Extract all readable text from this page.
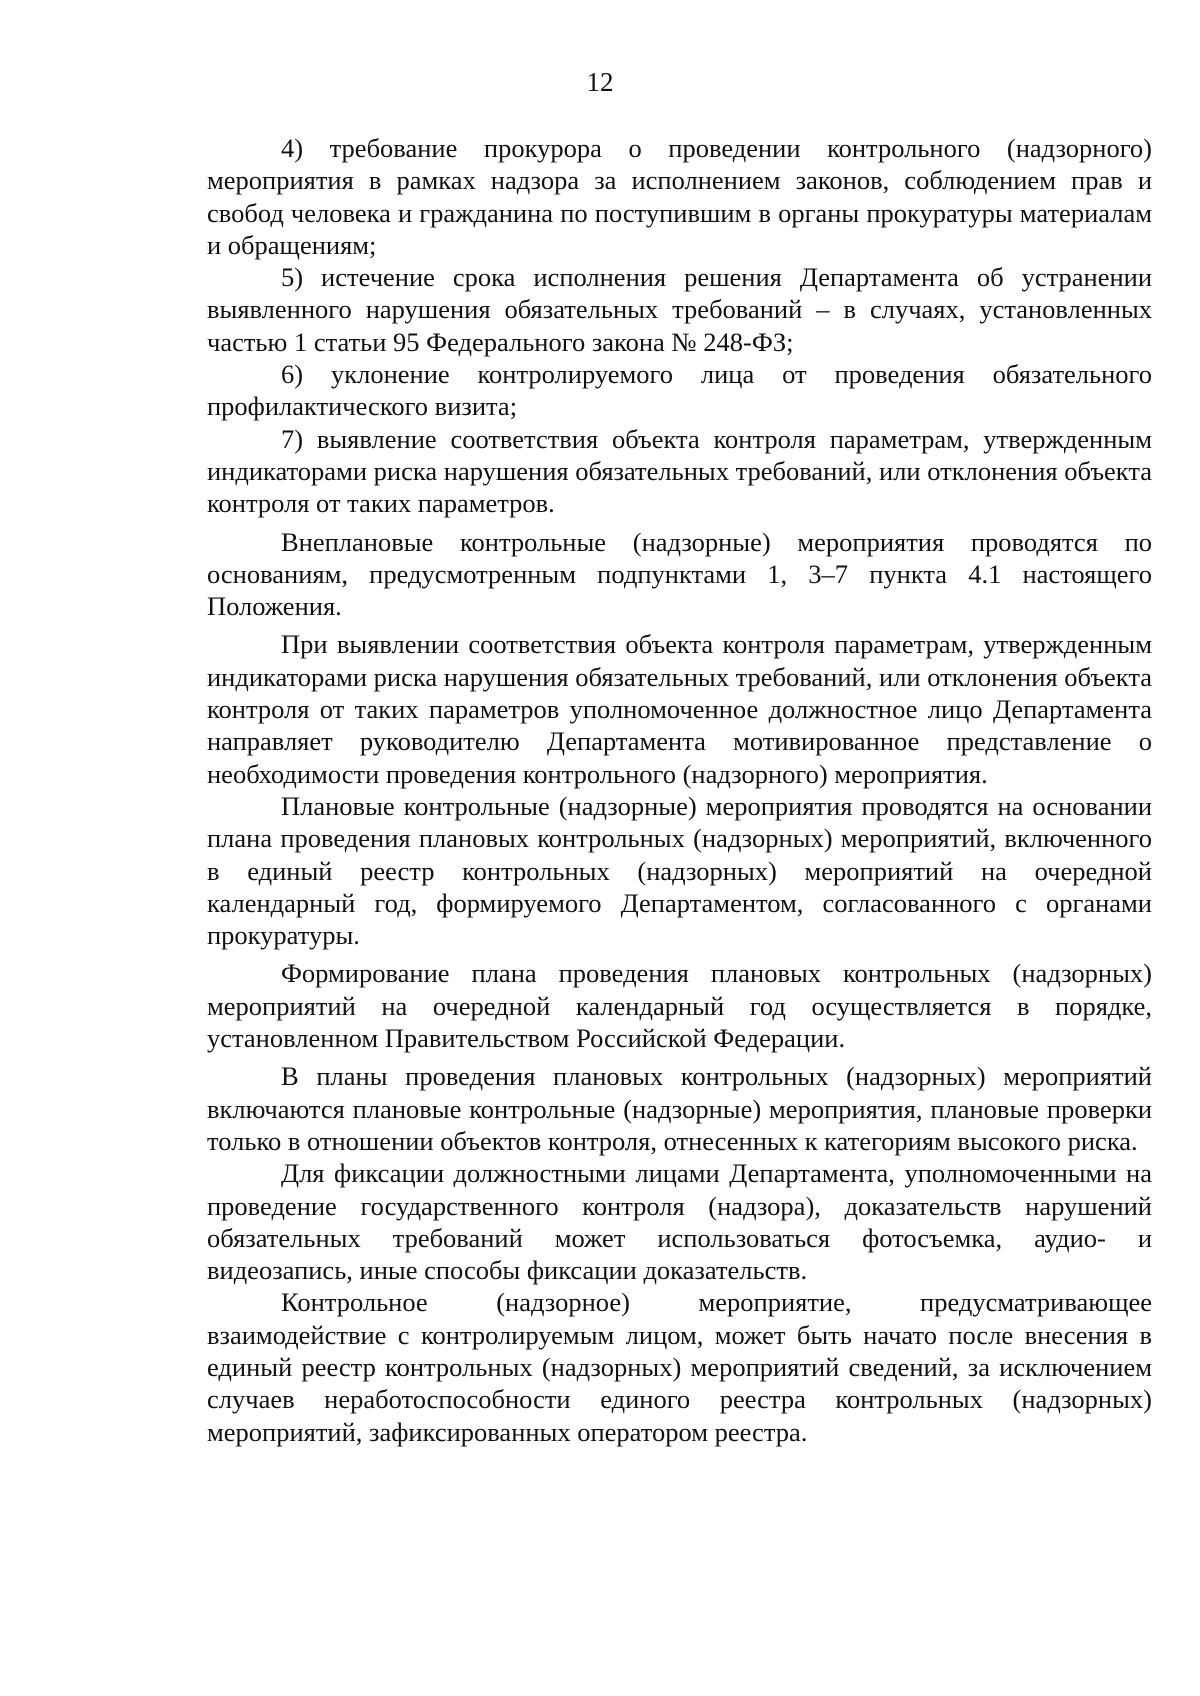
12

4) требование прокурора о проведении контрольного (надзорного) мероприятия в рамках надзора за исполнением законов, соблюдением прав и свобод человека и гражданина по поступившим в органы прокуратуры материалам и обращениям;

5) истечение срока исполнения решения Департамента об устранении выявленного нарушения обязательных требований – в случаях, установленных частью 1 статьи 95 Федерального закона № 248-ФЗ;

6) уклонение контролируемого лица от проведения обязательного профилактического визита;

7) выявление соответствия объекта контроля параметрам, утвержденным индикаторами риска нарушения обязательных требований, или отклонения объекта контроля от таких параметров.

Внеплановые контрольные (надзорные) мероприятия проводятся по основаниям, предусмотренным подпунктами 1, 3–7 пункта 4.1 настоящего Положения.

При выявлении соответствия объекта контроля параметрам, утвержденным индикаторами риска нарушения обязательных требований, или отклонения объекта контроля от таких параметров уполномоченное должностное лицо Департамента направляет руководителю Департамента мотивированное представление о необходимости проведения контрольного (надзорного) мероприятия.

Плановые контрольные (надзорные) мероприятия проводятся на основании плана проведения плановых контрольных (надзорных) мероприятий, включенного в единый реестр контрольных (надзорных) мероприятий на очередной календарный год, формируемого Департаментом, согласованного с органами прокуратуры.

Формирование плана проведения плановых контрольных (надзорных) мероприятий на очередной календарный год осуществляется в порядке, установленном Правительством Российской Федерации.

В планы проведения плановых контрольных (надзорных) мероприятий включаются плановые контрольные (надзорные) мероприятия, плановые проверки только в отношении объектов контроля, отнесенных к категориям высокого риска.

Для фиксации должностными лицами Департамента, уполномоченными на проведение государственного контроля (надзора), доказательств нарушений обязательных требований может использоваться фотосъемка, аудио- и видеозапись, иные способы фиксации доказательств.

Контрольное (надзорное) мероприятие, предусматривающее взаимодействие с контролируемым лицом, может быть начато после внесения в единый реестр контрольных (надзорных) мероприятий сведений, за исключением случаев неработоспособности единого реестра контрольных (надзорных) мероприятий, зафиксированных оператором реестра.
